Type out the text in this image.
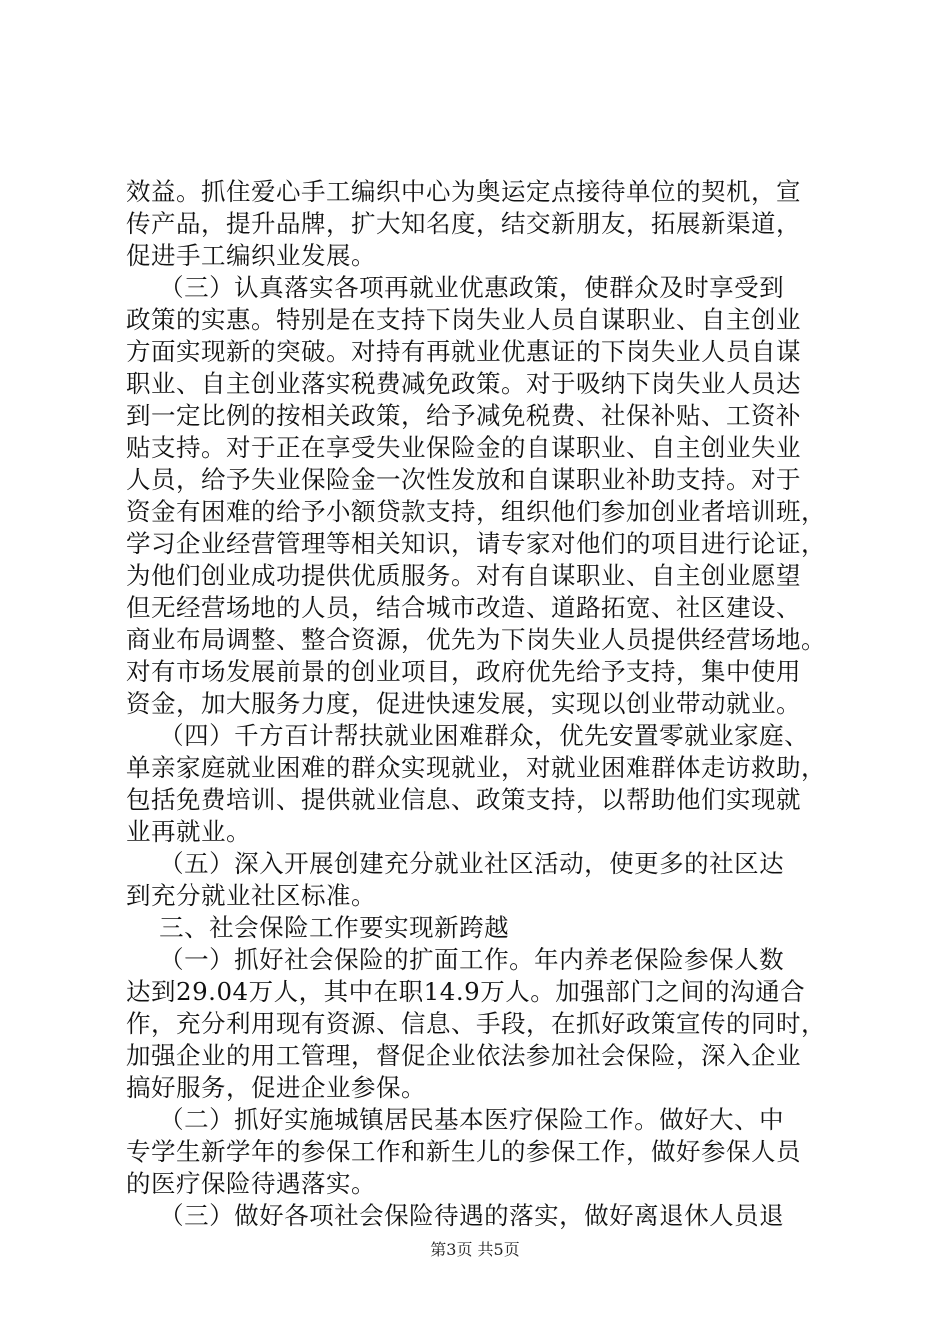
效益。抓住爱心手工编织中心为奥运定点接待单位的契机，宣

传产品，提升品牌，扩大知名度，结交新朋友，拓展新渠道，

促进手工编织业发展。

（三）认真落实各项再就业优惠政策，使群众及时享受到

政策的实惠。特别是在支持下岗失业人员自谋职业、自主创业

方面实现新的突破。对持有再就业优惠证的下岗失业人员自谋

职业、自主创业落实税费减免政策。对于吸纳下岗失业人员达

到一定比例的按相关政策，给予减免税费、社保补贴、工资补

贴支持。对于正在享受失业保险金的自谋职业、自主创业失业

人员，给予失业保险金一次性发放和自谋职业补助支持。对于

资金有困难的给予小额贷款支持，组织他们参加创业者培训班，

学习企业经营管理等相关知识，请专家对他们的项目进行论证，

为他们创业成功提供优质服务。对有自谋职业、自主创业愿望

但无经营场地的人员，结合城市改造、道路拓宽、社区建设、

商业布局调整、整合资源，优先为下岗失业人员提供经营场地。

对有市场发展前景的创业项目，政府优先给予支持，集中使用

资金，加大服务力度，促进快速发展，实现以创业带动就业。

（四）千方百计帮扶就业困难群众，优先安置零就业家庭、

单亲家庭就业困难的群众实现就业，对就业困难群体走访救助，

包括免费培训、提供就业信息、政策支持，以帮助他们实现就

业再就业。

（五）深入开展创建充分就业社区活动，使更多的社区达

到充分就业社区标准。

三、社会保险工作要实现新跨越

（一）抓好社会保险的扩面工作。年内养老保险参保人数

达到29.04万人，其中在职14.9万人。加强部门之间的沟通合

作，充分利用现有资源、信息、手段，在抓好政策宣传的同时，

加强企业的用工管理，督促企业依法参加社会保险，深入企业

搞好服务，促进企业参保。

（二）抓好实施城镇居民基本医疗保险工作。做好大、中

专学生新学年的参保工作和新生儿的参保工作，做好参保人员

的医疗保险待遇落实。

（三）做好各项社会保险待遇的落实，做好离退休人员退

第3页 共5页
